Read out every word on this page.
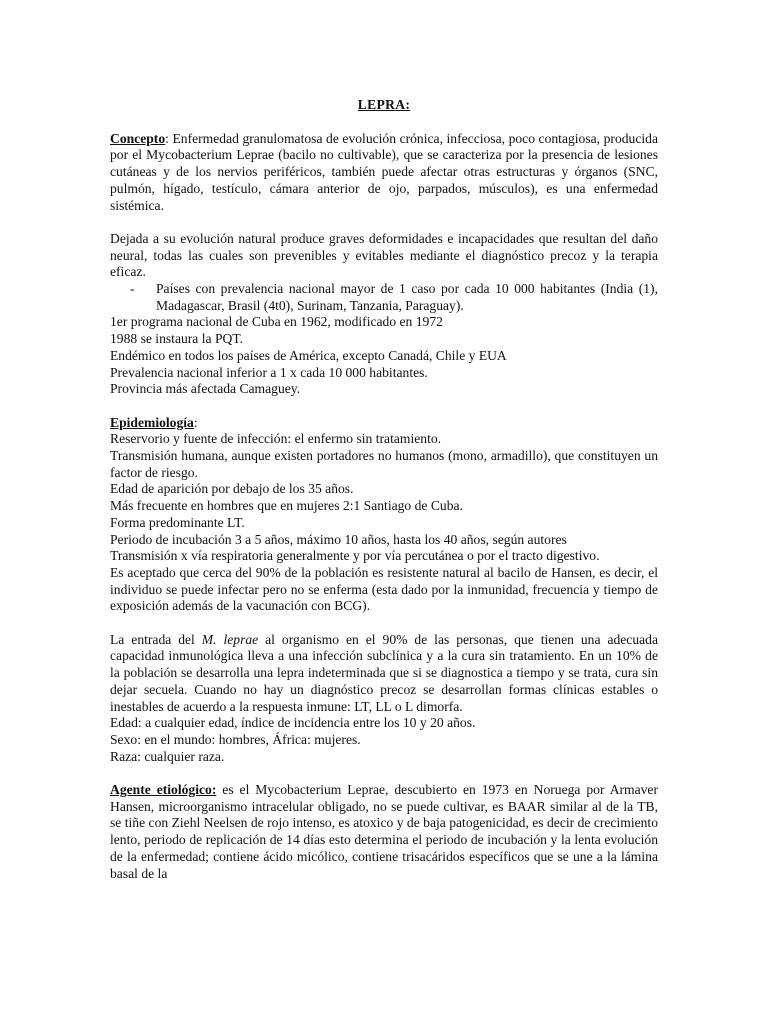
LEPRA:

Concepto: Enfermedad granulomatosa de evolución crónica, infecciosa, poco contagiosa, producida por el Mycobacterium Leprae (bacilo no cultivable), que se caracteriza por la presencia de lesiones cutáneas y de los nervios periféricos, también puede afectar otras estructuras y órganos (SNC, pulmón, hígado, testículo, cámara anterior de ojo, parpados, músculos), es una enfermedad sistémica.

Dejada a su evolución natural produce graves deformidades e incapacidades que resultan del daño neural, todas las cuales son prevenibles y evitables mediante el diagnóstico precoz y la terapia eficaz.

-	Países con prevalencia nacional mayor de 1 caso por cada 10 000 habitantes (India (1), Madagascar, Brasil (4t0), Surinam, Tanzania, Paraguay).

1er programa nacional de Cuba en 1962, modificado en 1972

1988 se instaura la PQT.

Endémico en todos los países de América, excepto Canadá, Chile y EUA

Prevalencia nacional inferior a 1 x cada 10 000 habitantes.

Provincia más afectada Camaguey.

Epidemiología:

Reservorio y fuente de infección: el enfermo sin tratamiento.

Transmisión humana, aunque existen portadores no humanos (mono, armadillo), que constituyen un factor de riesgo.

Edad de aparición por debajo de los 35 años.

Más frecuente en hombres que en mujeres 2:1 Santiago de Cuba.

Forma predominante LT.

Periodo de incubación 3 a 5 años, máximo 10 años, hasta los 40 años, según autores

Transmisión x vía respiratoria generalmente y por vía percutánea o por el tracto digestivo.

Es aceptado que cerca del 90% de la población es resistente natural al bacilo de Hansen, es decir, el individuo se puede infectar pero no se enferma (esta dado por la inmunidad, frecuencia y tiempo de exposición además de la vacunación con BCG).

La entrada del M. leprae al organismo en el 90% de las personas, que tienen una adecuada capacidad inmunológica lleva a una infección subclínica y a la cura sin tratamiento. En un 10% de la población se desarrolla una lepra indeterminada que si se diagnostica a tiempo y se trata, cura sin dejar secuela. Cuando no hay un diagnóstico precoz se desarrollan formas clínicas estables o inestables de acuerdo a la respuesta inmune: LT, LL o L dimorfa.

Edad: a cualquier edad, índice de incidencia entre los 10 y 20 años.

Sexo: en el mundo: hombres, África: mujeres.

Raza: cualquier raza.

Agente etiológico: es el Mycobacterium Leprae, descubierto en 1973 en Noruega por Armaver Hansen, microorganismo intracelular obligado, no se puede cultivar, es BAAR similar al de la TB, se tiñe con Ziehl Neelsen de rojo intenso, es atoxico y de baja patogenicidad, es decir de crecimiento lento, periodo de replicación de 14 días esto determina el periodo de incubación y la lenta evolución de la enfermedad; contiene ácido micólico, contiene trisacáridos específicos que se une a la lámina basal de la
